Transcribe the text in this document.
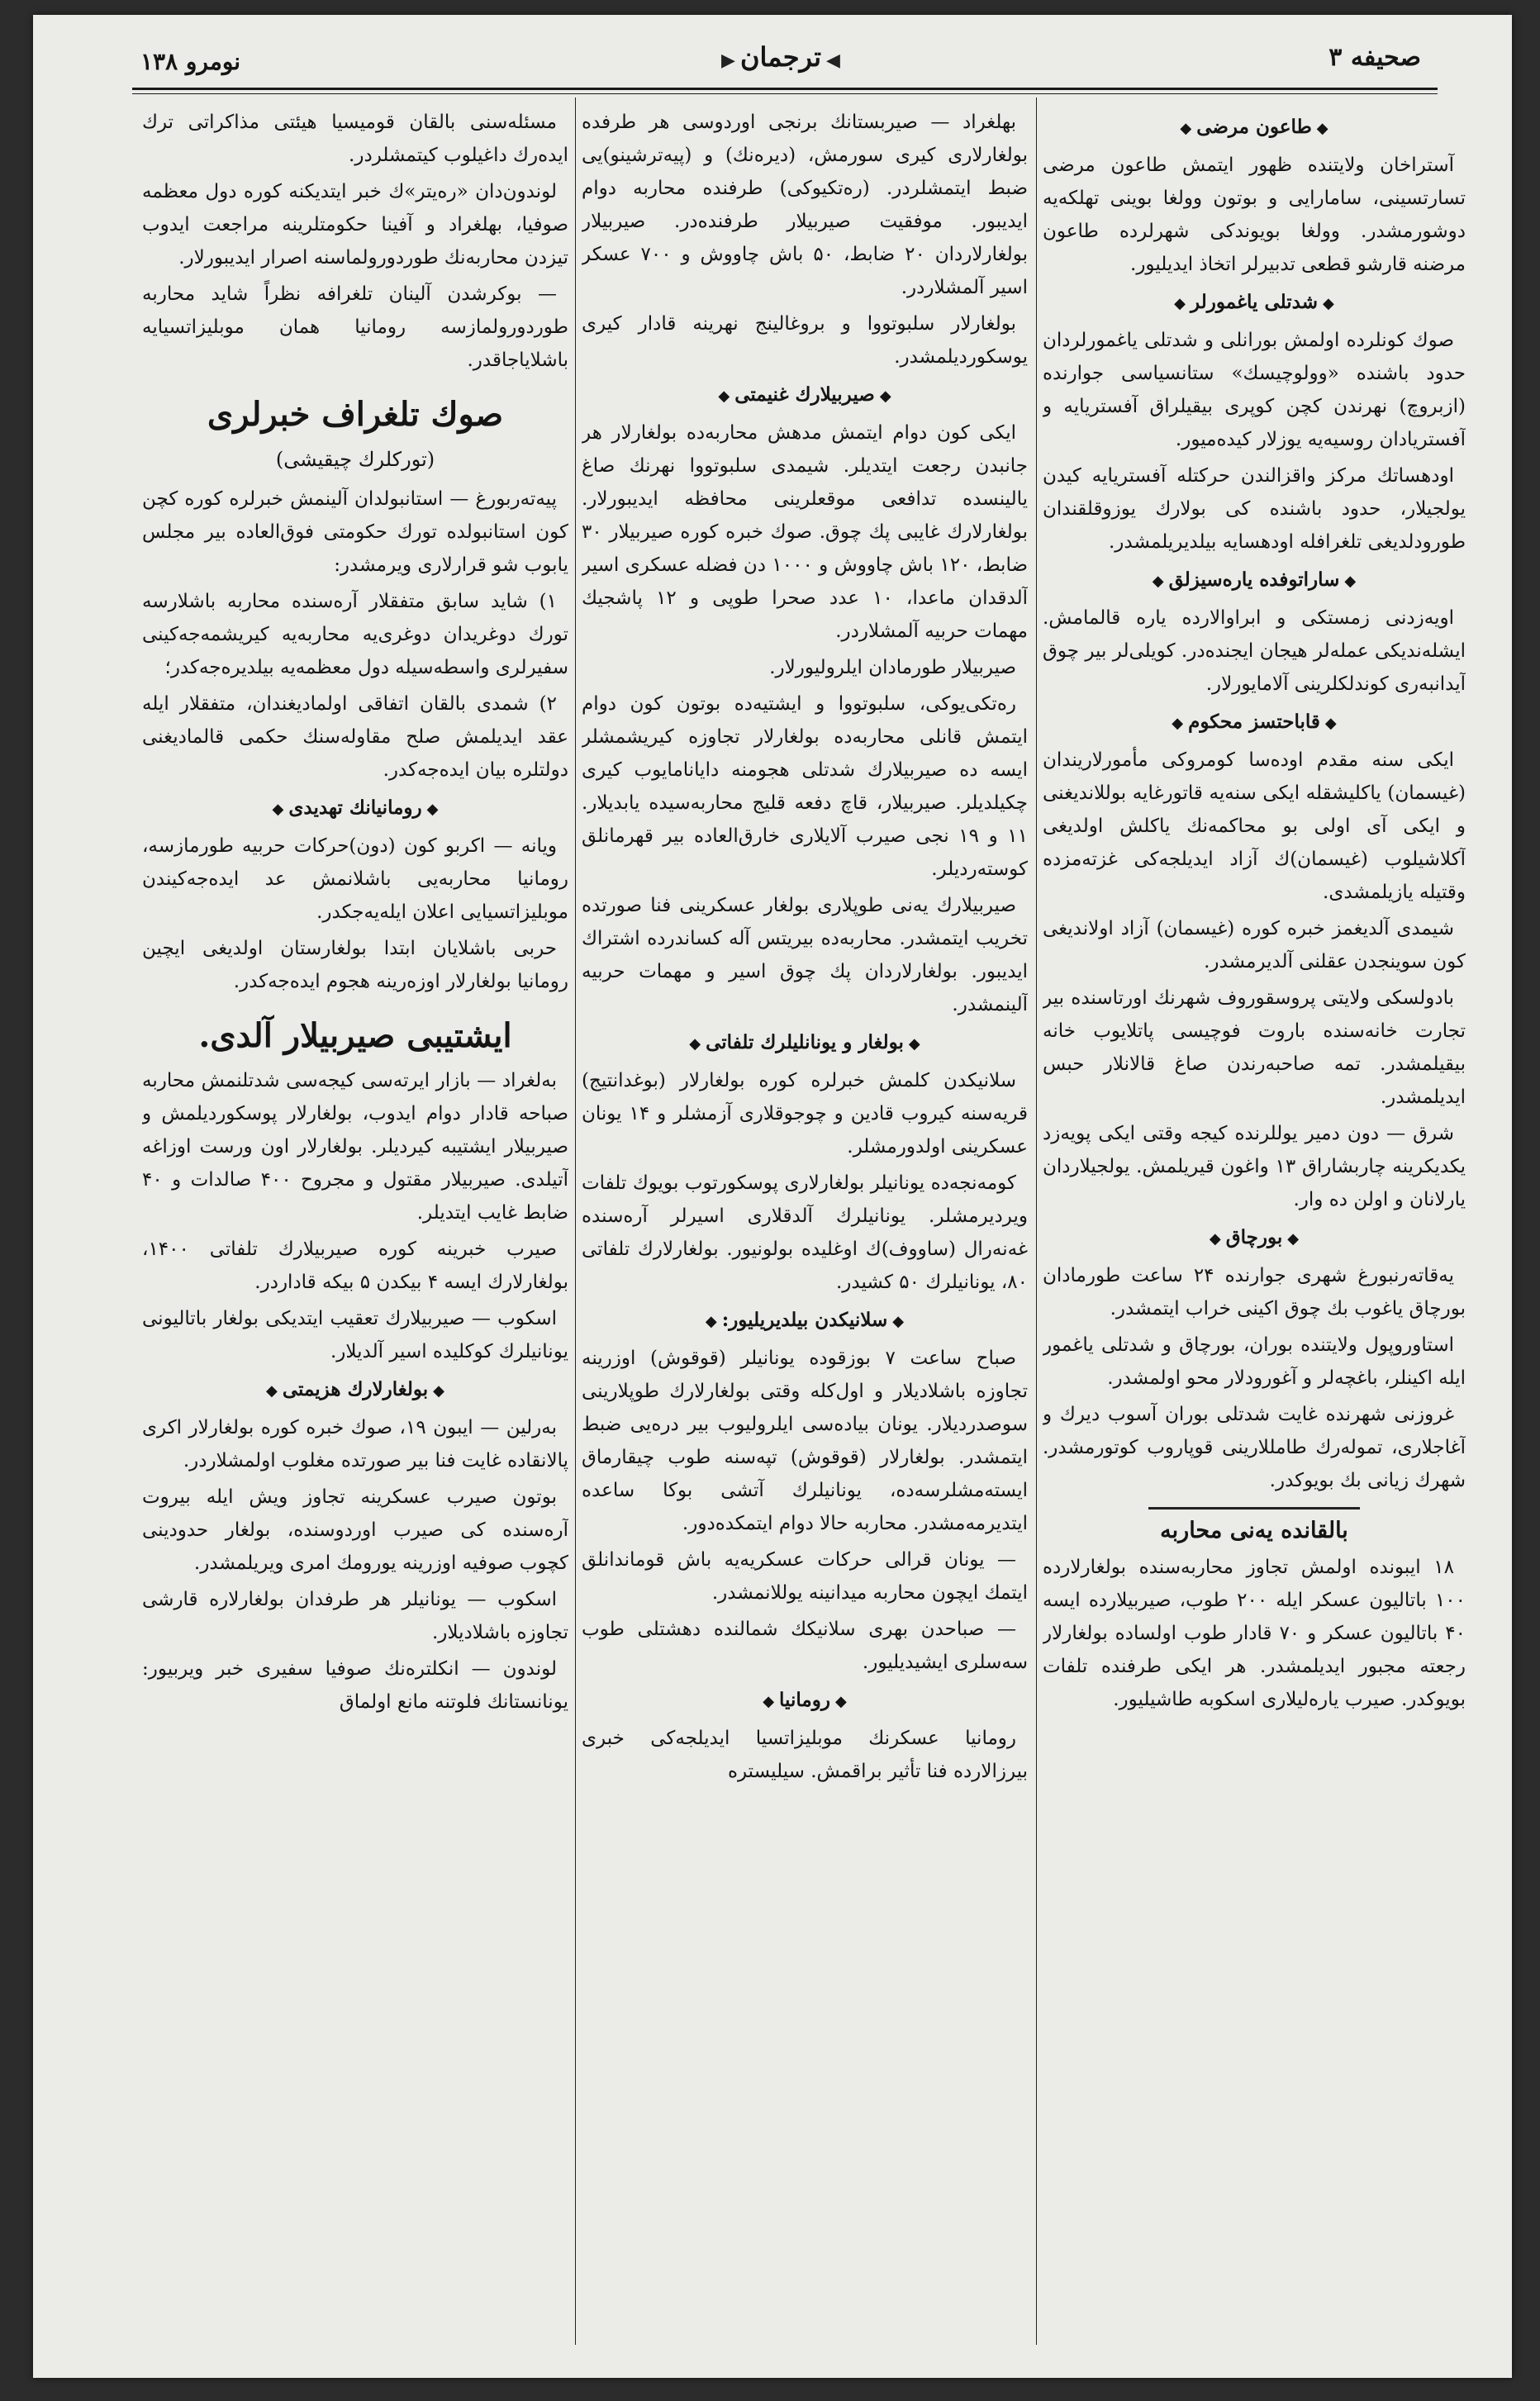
صحیفه ۳
◀ترجمان▶
نومرو ۱۳۸
◆طاعون مرضی◆

آستراخان ولایتنده ظهور ایتمش طاعون مرضی تسارتسینی، سامارایی و بوتون وولغا بوینی تهلکه‌یه دوشورمشدر. وولغا بویوندکی شهرلرده طاعون مرضنه قارشو قطعی تدبیرلر اتخاذ ایدیلیور.

◆شدتلی یاغمورلر◆

صوك کونلرده اولمش بورانلی و شدتلی یاغمورلردان حدود باشنده «وولوچیسك» ستانسیاسی جوارنده (ازبروچ) نهرندن کچن کوپری بیقیلراق آفستریایه و آفستریادان روسیه‌یه یوزلار کیده‌میور.

اودهساتك مرکز واقزالندن حرکتله آفستریایه کیدن یولجیلار، حدود باشنده کی بولارك یوزوقلقندان طورودلدیغی تلغرافله اودهسایه بیلدیریلمشدر.

◆ساراتوفده یاره‌سیزلق◆

اویه‌زدنی زمستکی و ابراوالارده یاره قالمامش. ایشله‌ندیکی عمله‌لر هیجان ایجنده‌در. کویلی‌لر بیر چوق آیدانبه‌ری کوندلکلرینی آلامایورلار.

◆قاباحتسز محکوم◆

ایکی سنه مقدم اوده‌سا کومروکی مأمورلاریندان (غیسمان) یاکلیشقله ایکی سنه‌یه قاتورغایه بوللاندیغنی و ایکی آی اولی بو محاکمه‌نك یاکلش اولدیغی آکلاشیلوب (غیسمان)ك آزاد ایدیلجه‌کی غزته‌مزده وقتیله یازیلمشدی.

شیمدی آلدیغمز خبره کوره (غیسمان) آزاد اولاندیغی کون سوینجدن عقلنی آلدیرمشدر.

بادولسکی ولایتی پروسقوروف شهرنك اورتاسنده بیر تجارت خانه‌سنده باروت فوچیسی پاتلایوب خانه بیقیلمشدر. تمه صاحبه‌رندن صاغ قالانلار حبس ایدیلمشدر.

شرق — دون دمیر یوللرنده کیجه وقتی ایکی پویه‌زد یکدیکرینه چاربشاراق ۱۳ واغون قیریلمش. یولجیلاردان یارلانان و اولن ده وار.

◆بورچاق◆

یه‌قاته‌رنبورغ شهری جوارنده ۲۴ ساعت طورمادان بورچاق یاغوب بك چوق اکینی خراب ایتمشدر.

استاوروپول ولایتنده بوران، بورچاق و شدتلی یاغمور ایله اکینلر، باغچه‌لر و آغورودلار محو اولمشدر.

غروزنی شهرنده غایت شدتلی بوران آسوب دیرك و آغاجلاری، تموله‌رك طامللارینی قوپاروب کوتورمشدر. شهرك زیانی بك بویوکدر.

بالقانده یه‌نی محاربه

۱۸ ایبونده اولمش تجاوز محاربه‌سنده بولغارلارده ۱۰۰ باتالیون عسکر ایله ۲۰۰ طوب، صیربیلارده ایسه ۴۰ باتالیون عسکر و ۷۰ قادار طوب اولساده بولغارلار رجعته مجبور ایدیلمشدر. هر ایکی طرفنده تلفات بویوکدر. صیرب یاره‌لیلاری اسکوبه طاشیلیور.

بهلغراد — صیربستانك برنجی اوردوسی هر طرفده بولغارلاری کیری سورمش، (دیره‌نك) و (پیه‌ترشینو)یی ضبط ایتمشلردر. (ره‌تکیوکی) طرفنده محاربه دوام ایدیبور. موفقیت صیربیلار طرفنده‌در. صیربیلار بولغارلاردان ۲۰ ضابط، ۵۰ باش چاووش و ۷۰۰ عسکر اسیر آلمشلاردر.

بولغارلار سلبوتووا و بروغالینج نهرینه قادار کیری یوسکوردیلمشدر.

◆صیربیلارك غنیمتی◆

ایکی کون دوام ایتمش مدهش محاربه‌ده بولغارلار هر جانبدن رجعت ایتدیلر. شیمدی سلبوتووا نهرنك صاغ یالینسده تدافعی موقعلرینی محافظه ایدیبورلار. بولغارلارك غایبی پك چوق. صوك خبره کوره صیربیلار ۳۰ ضابط، ۱۲۰ باش چاووش و ۱۰۰۰ دن فضله عسکری اسیر آلدقدان ماعدا، ۱۰ عدد صحرا طوپی و ۱۲ پاشجیك مهمات حربیه آلمشلاردر.

صیربیلار طورمادان ایلرولیورلار.

ره‌تکی‌یوکی، سلبوتووا و ایشتیه‌ده بوتون کون دوام ایتمش قانلی محاربه‌ده بولغارلار تجاوزه کیریشمشلر ایسه ده صیربیلارك شدتلی هجومنه دایانامایوب کیری چکیلدیلر. صیربیلار، قاچ دفعه قلیج محاربه‌سیده یابدیلار. ۱۱ و ۱۹ نجی صیرب آلایلاری خارق‌العاده بیر قهرمانلق کوسته‌ردیلر.

صیربیلارك یه‌نی طوپلاری بولغار عسکرینی فنا صورتده تخریب ایتمشدر. محاربه‌ده بیریتس آله کساندرده اشتراك ایدیبور. بولغارلاردان پك چوق اسیر و مهمات حربیه آلینمشدر.

◆بولغار و یونانلیلرك تلفاتی◆

سلانیکدن کلمش خبرلره کوره بولغارلار (بوغدانتیج) قریه‌سنه کیروب قادین و چوجوقلاری آزمشلر و ۱۴ یونان عسکرینی اولدورمشلر.

کومه‌نجه‌ده یونانیلر بولغارلاری پوسکورتوب بویوك تلفات ویردیرمشلر. یونانیلرك آلدقلاری اسیرلر آره‌سنده غه‌نه‌رال (ساووف)ك اوغلیده بولونیور. بولغارلارك تلفاتی ۸۰، یونانیلرك ۵۰ کشیدر.

◆سلانیکدن بیلدیریلیور:◆

صباح ساعت ۷ بوزقوده یونانیلر (قوقوش) اوزرینه تجاوزه باشلادیلار و اول‌کله وقتی بولغارلارك طوپلارینی سوصدردیلار. یونان بیاده‌سی ایلرولیوب بیر دره‌یی ضبط ایتمشدر. بولغارلار (قوقوش) تپه‌سنه طوب چیقارماق ایسته‌مشلرسه‌ده، یونانیلرك آتشی بوکا ساعده ایتدیرمه‌مشدر. محاربه حالا دوام ایتمکده‌دور.

— یونان قرالی حرکات عسکریه‌یه باش قوماندانلق ایتمك ایچون محاربه میدانینه یوللانمشدر.

— صباحدن بهری سلانیکك شمالنده دهشتلی طوب سه‌سلری ایشیدیلیور.

◆رومانیا◆

رومانیا عسکرنك موبلیزاتسیا ایدیلجه‌کی خبری بیرزالارده فنا تأثیر براقمش. سیلیستره

مسئله‌سنی بالقان قومیسیا هیئتی مذاکراتی ترك ایده‌رك داغیلوب کیتمشلردر.

لوندون‌دان «ره‌یتر»ك خبر ایتدیکنه کوره دول معظمه صوفیا، بهلغراد و آفینا حکومتلرینه مراجعت ایدوب تیزدن محاربه‌نك طوردورولماسنه اصرار ایدیبورلار.

— بوکرشدن آلینان تلغرافه نظراً شاید محاربه طوردورولمازسه رومانیا همان موبلیزاتسیایه باشلایاجاقدر.

صوك تلغراف خبرلری
(تورکلرك چیقیشی)

پیه‌ته‌ربورغ — استانبولدان آلینمش خبرلره کوره کچن کون استانبولده تورك حکومتی فوق‌العاده بیر مجلس یابوب شو قرارلاری ویرمشدر:

۱) شاید سابق متفقلار آره‌سنده محاربه باشلارسه تورك دوغریدان دوغری‌یه محاربه‌یه کیریشمه‌جه‌کینی سفیرلری واسطه‌سیله دول معظمه‌یه بیلدیره‌جه‌کدر؛

۲) شمدی بالقان اتفاقی اولمادیغندان، متفقلار ایله عقد ایدیلمش صلح مقاوله‌سنك حکمی قالمادیغنی دولتلره بیان ایده‌جه‌کدر.

◆رومانیانك تهدیدی◆

ویانه — اکربو کون (دون)حرکات حربیه طورمازسه، رومانیا محاربه‌یی باشلانمش عد ایده‌جه‌کیندن موبلیزاتسیایی اعلان ایله‌یه‌جکدر.

حربی باشلایان ابتدا بولغارستان اولدیغی ایچین رومانیا بولغارلار اوزه‌رینه هجوم ایده‌جه‌کدر.

ایشتیبی صیربیلار آلدی.

به‌لغراد — بازار ایرته‌سی کیجه‌سی شدتلنمش محاربه صباحه قادار دوام ایدوب، بولغارلار پوسکوردیلمش و صیربیلار ایشتیبه کیردیلر. بولغارلار اون ورست اوزاغه آتیلدی. صیربیلار مقتول و مجروح ۴۰۰ صالدات و ۴۰ ضابط غایب ایتدیلر.

صیرب خبرینه کوره صیربیلارك تلفاتی ۱۴۰۰، بولغارلارك ایسه ۴ بیکدن ۵ بیکه قادار‌در.

اسکوب — صیربیلارك تعقیب ایتدیکی بولغار باتالیونی یونانیلرك کوکلیده اسیر آلدیلار.

◆بولغارلارك هزیمتی◆

به‌رلین — ایبون ۱۹، صوك خبره کوره بولغارلار اکری پالانقاده غایت فنا بیر صورتده مغلوب اولمشلاردر.

بوتون صیرب عسکرینه تجاوز ویش ایله بیروت آره‌سنده کی صیرب اوردوسنده، بولغار حدودینی کچوب صوفیه اوزرینه یورومك امری ویریلمشدر.

اسکوب — یونانیلر هر طرفدان بولغارلاره قارشی تجاوزه باشلادیلار.

لوندون — انکلتره‌نك صوفیا سفیری خبر ویربیور: یونانستانك فلوتنه مانع اولماق
